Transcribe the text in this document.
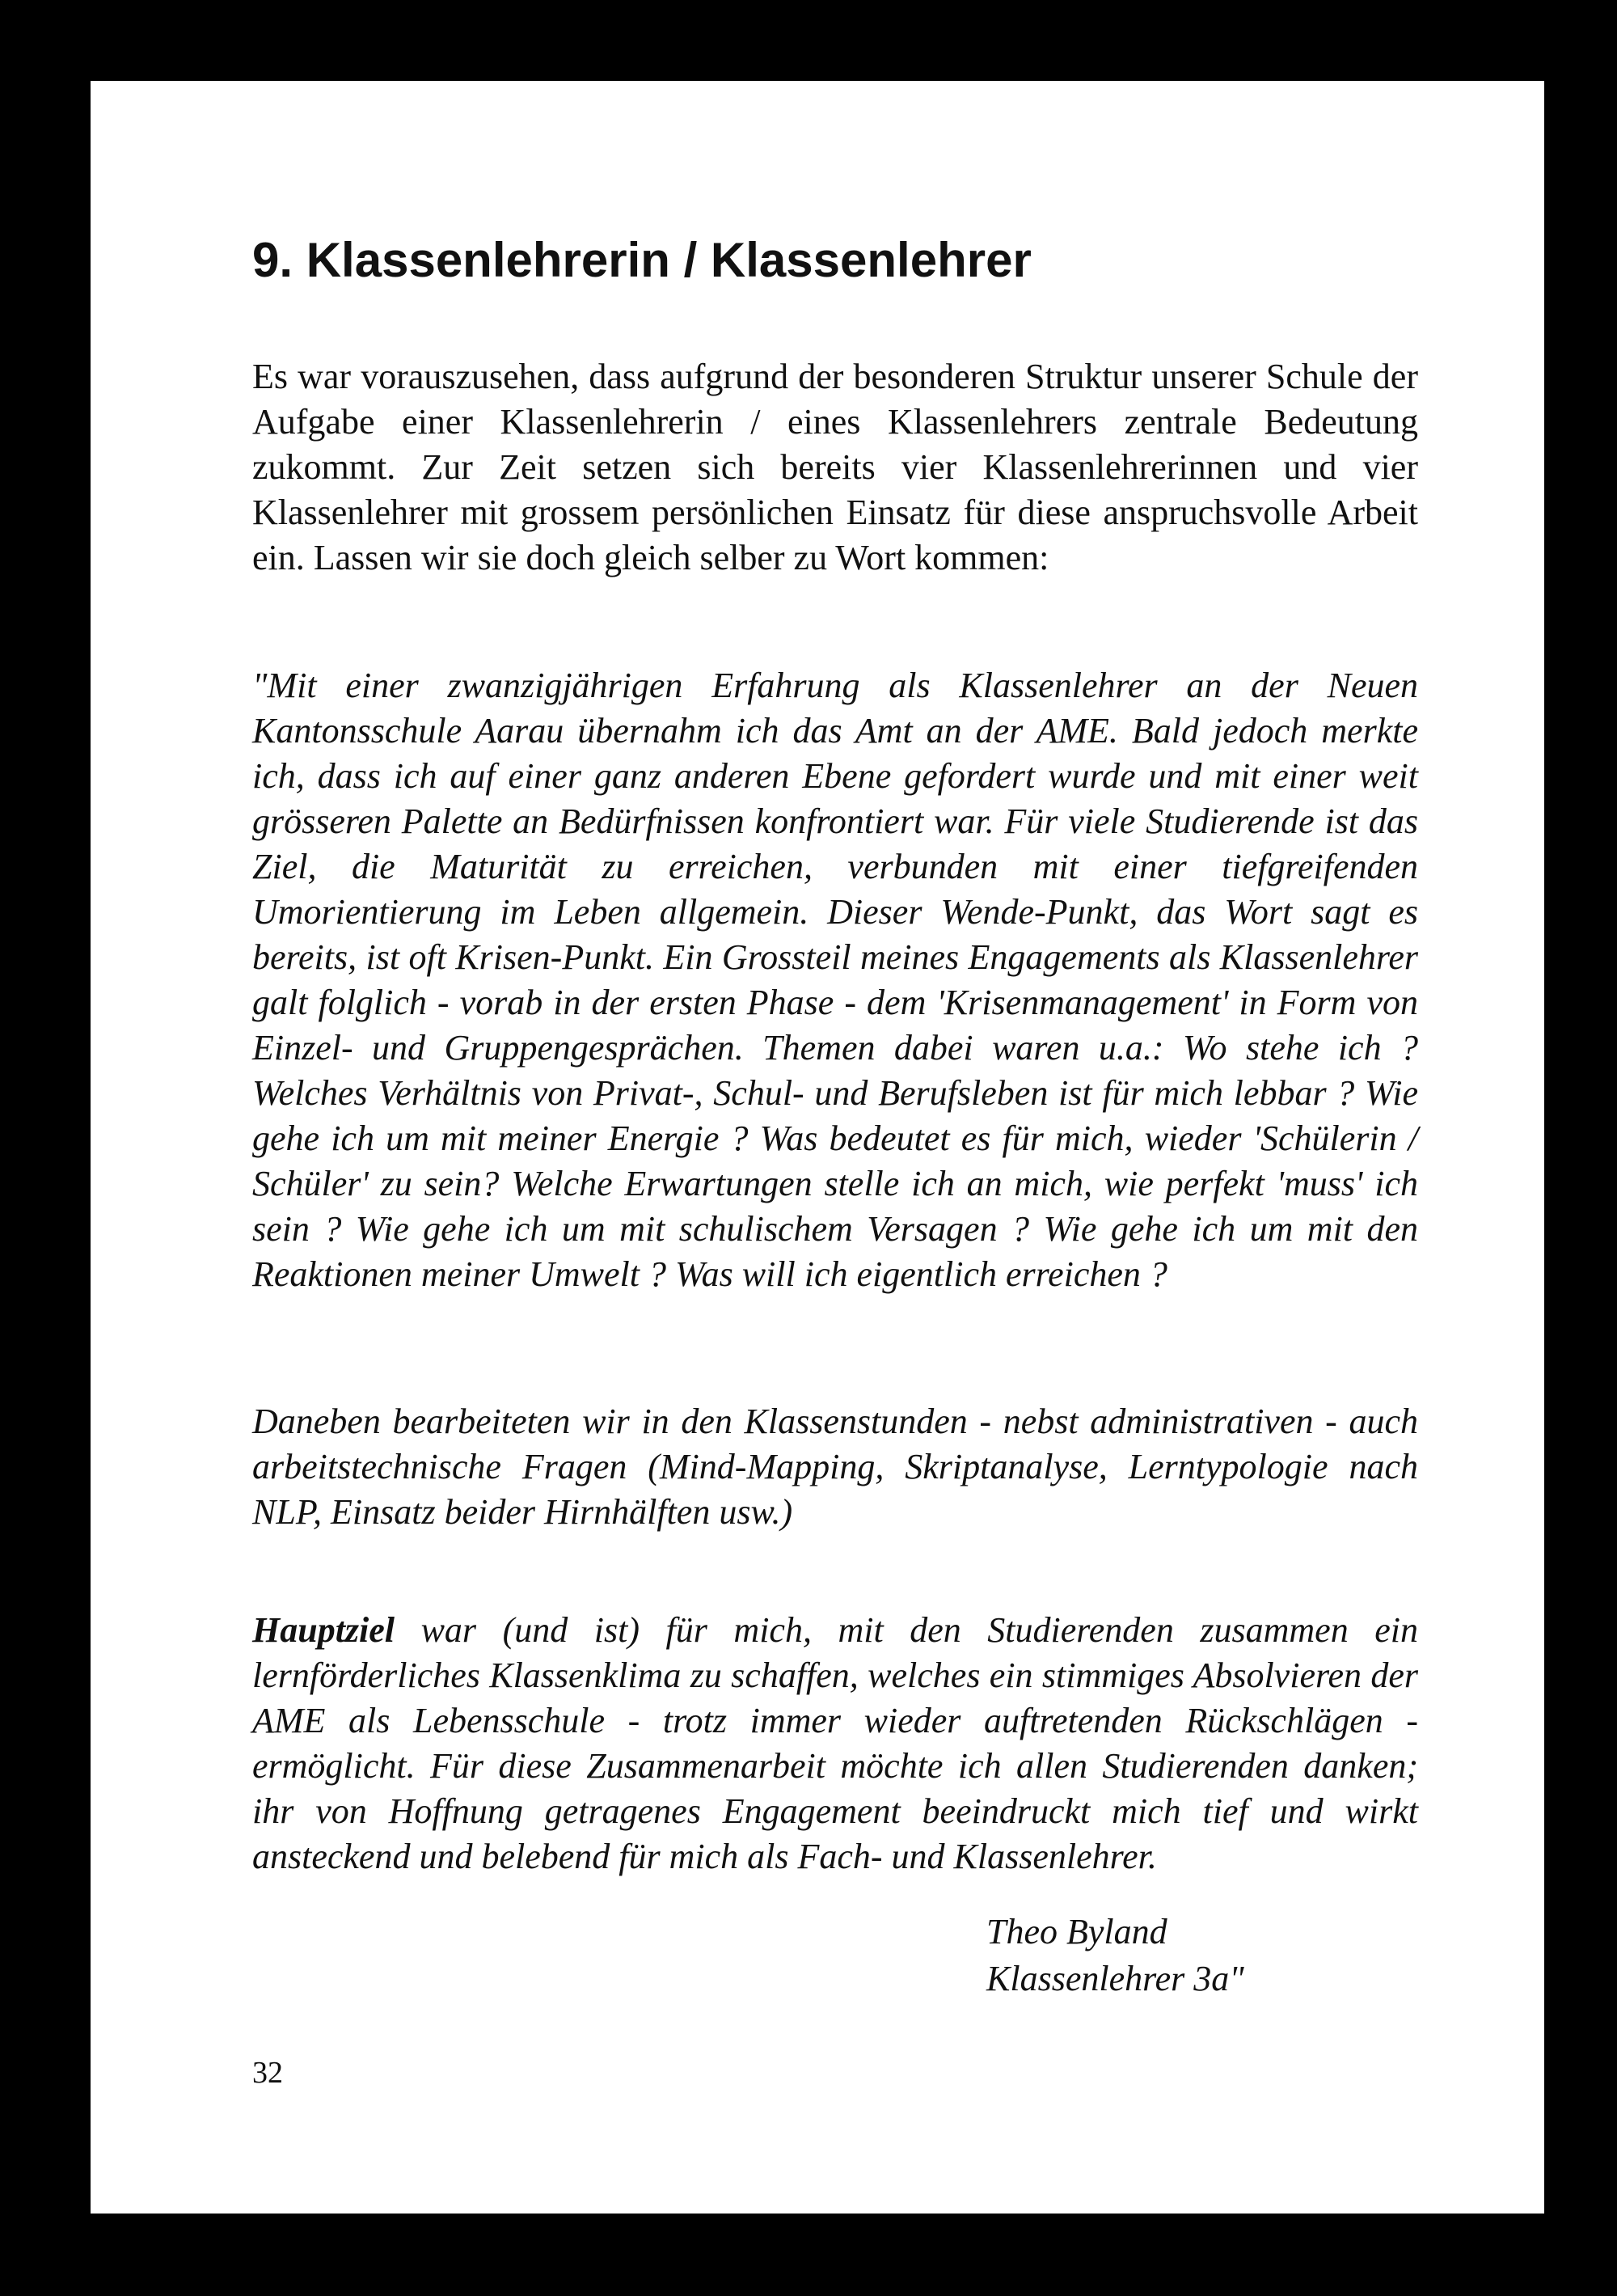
9. Klassenlehrerin / Klassenlehrer

Es war vorauszusehen, dass aufgrund der besonderen Struktur unserer Schule der Aufgabe einer Klassenlehrerin / eines Klassenlehrers zentrale Bedeutung zukommt. Zur Zeit setzen sich bereits vier Klassenlehrerinnen und vier Klassenlehrer mit grossem persönlichen Einsatz für diese anspruchsvolle Arbeit ein. Lassen wir sie doch gleich selber zu Wort kommen:

"Mit einer zwanzigjährigen Erfahrung als Klassenlehrer an der Neuen Kantonsschule Aarau übernahm ich das Amt an der AME. Bald jedoch merkte ich, dass ich auf einer ganz anderen Ebene gefordert wurde und mit einer weit grösseren Palette an Bedürfnissen konfrontiert war. Für viele Studierende ist das Ziel, die Maturität zu erreichen, verbunden mit einer tiefgreifenden Umorientierung im Leben allgemein. Dieser Wende-Punkt, das Wort sagt es bereits, ist oft Krisen-Punkt. Ein Grossteil meines Engagements als Klassenlehrer galt folglich - vorab in der ersten Phase - dem 'Krisenmanagement' in Form von Einzel- und Gruppengesprächen. Themen dabei waren u.a.: Wo stehe ich ? Welches Verhältnis von Privat-, Schul- und Berufsleben ist für mich lebbar ? Wie gehe ich um mit meiner Energie ? Was bedeutet es für mich, wieder 'Schülerin / Schüler' zu sein? Welche Erwartungen stelle ich an mich, wie perfekt 'muss' ich sein ? Wie gehe ich um mit schulischem Versagen ? Wie gehe ich um mit den Reaktionen meiner Umwelt ? Was will ich eigentlich erreichen ?

Daneben bearbeiteten wir in den Klassenstunden - nebst administrativen - auch arbeitstechnische Fragen (Mind-Mapping, Skriptanalyse, Lerntypologie nach NLP, Einsatz beider Hirnhälften usw.)

Hauptziel war (und ist) für mich, mit den Studierenden zusammen ein lernförderliches Klassenklima zu schaffen, welches ein stimmiges Absolvieren der AME als Lebensschule - trotz immer wieder auftretenden Rückschlägen - ermöglicht. Für diese Zusammenarbeit möchte ich allen Studierenden danken; ihr von Hoffnung getragenes Engagement beeindruckt mich tief und wirkt ansteckend und belebend für mich als Fach- und Klassenlehrer.

Theo Byland
Klassenlehrer 3a"
32
